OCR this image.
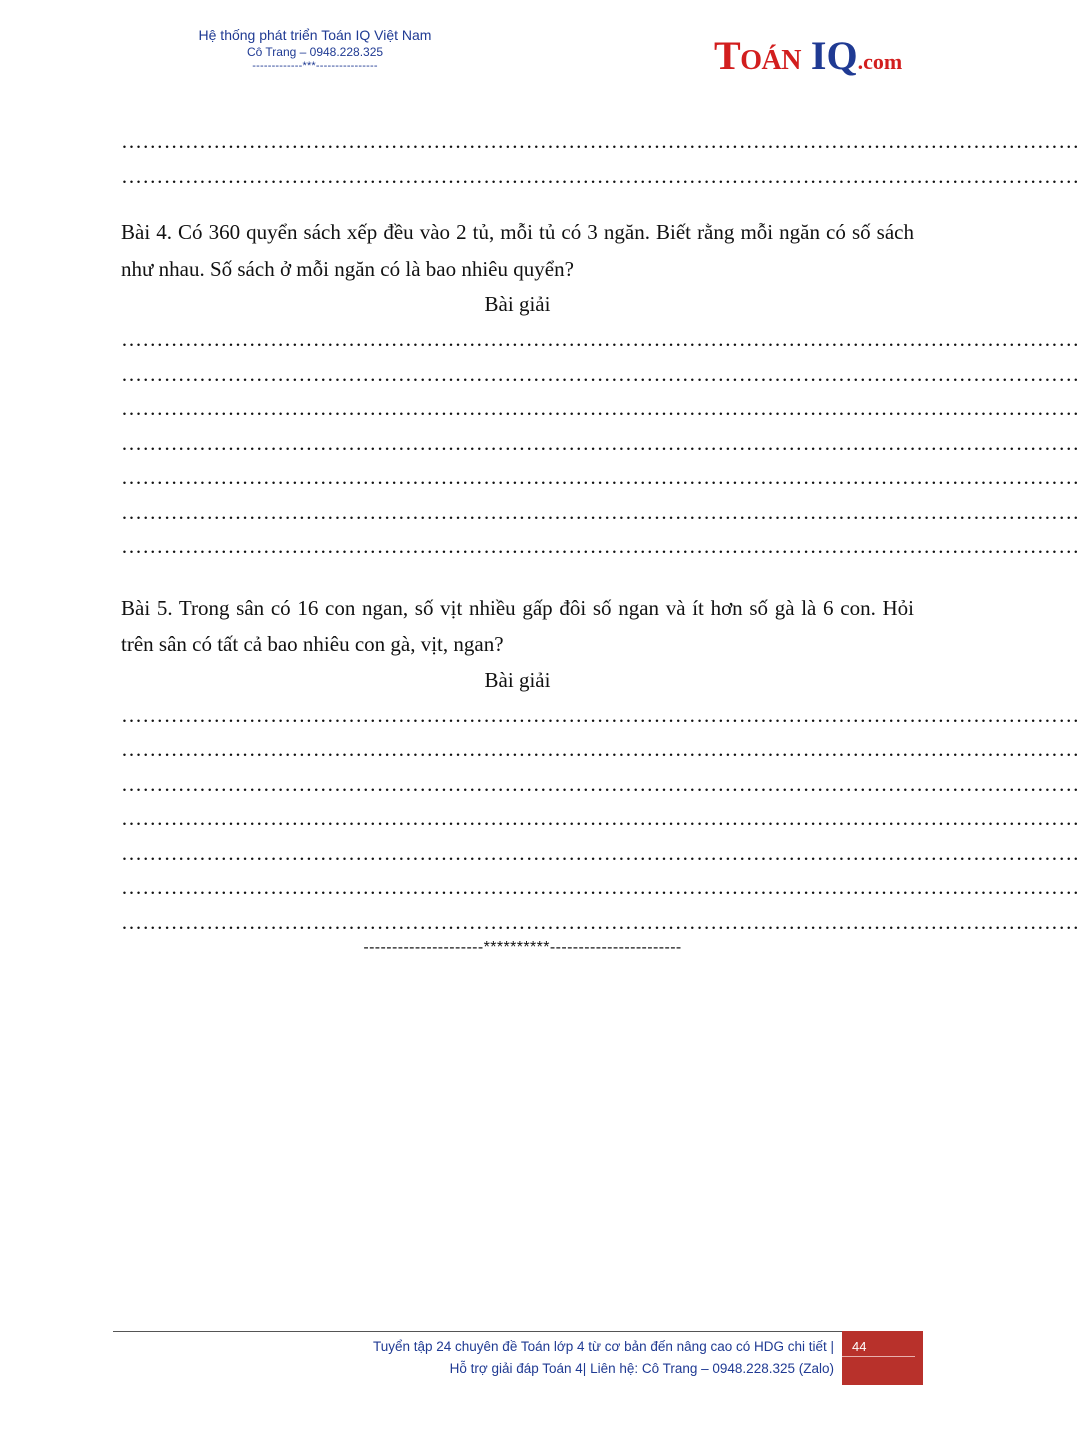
Hệ thống phát triển Toán IQ Việt Nam
Cô Trang – 0948.228.325
-------------***----------------	TOÁN IQ.com
………………………………………………………………………………………………………………………
………………………………………………………………………………………………………………………
Bài 4. Có 360 quyển sách xếp đều vào 2 tủ, mỗi tủ có 3 ngăn. Biết rằng mỗi ngăn có số sách như nhau. Số sách ở mỗi ngăn có là bao nhiêu quyển?
Bài giải
………………………………………………………………………………………………………………………
………………………………………………………………………………………………………………………
………………………………………………………………………………………………………………………
………………………………………………………………………………………………………………………
………………………………………………………………………………………………………………………
………………………………………………………………………………………………………………………
………………………………………………………………………………………………………………………
Bài 5. Trong sân có 16 con ngan, số vịt nhiều gấp đôi số ngan và ít hơn số gà là 6 con. Hỏi trên sân có tất cả bao nhiêu con gà, vịt, ngan?
Bài giải
………………………………………………………………………………………………………………………
………………………………………………………………………………………………………………………
………………………………………………………………………………………………………………………
………………………………………………………………………………………………………………………
………………………………………………………………………………………………………………………
………………………………………………………………………………………………………………………
………………………………………………………………………………………………………………………
---------------------**********-----------------------
Tuyển tập 24 chuyên đề Toán lớp 4 từ cơ bản đến nâng cao có HDG chi tiết |
Hỗ trợ giải đáp Toán 4| Liên hệ: Cô Trang – 0948.228.325 (Zalo)
44
